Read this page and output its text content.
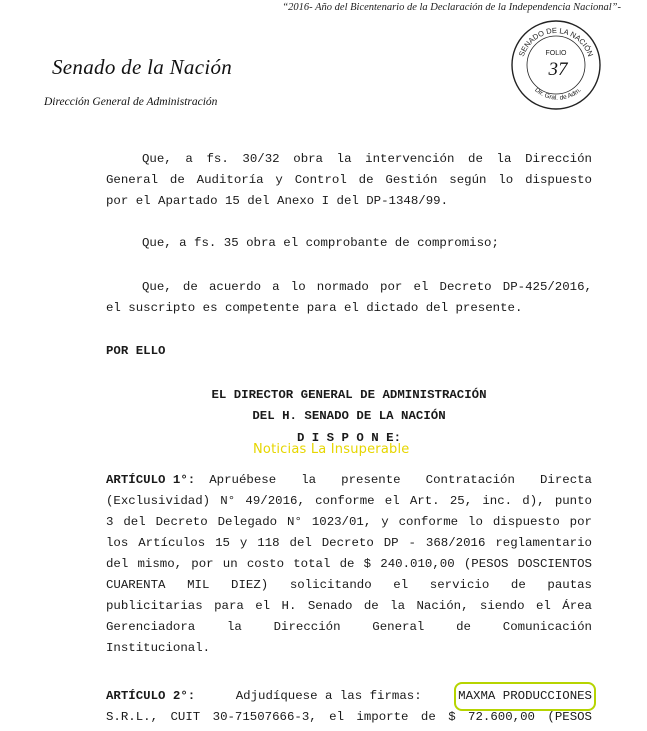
“2016- Año del Bicentenario de la Declaración de la Independencia Nacional”-
Senado de la Nación
Dirección General de Administración
SENADO DE LA NACIÓN
FOLIO
37
Dir. Gral. de Adm.
Que, a fs. 30/32 obra la intervención de la Dirección
General de Auditoría y Control de Gestión según lo dispuesto
por el Apartado 15 del Anexo I del DP-1348/99.
Que, a fs. 35 obra el comprobante de compromiso;
Que, de acuerdo a lo normado por el Decreto DP-425/2016,
el suscripto es competente para el dictado del presente.
POR ELLO
EL DIRECTOR GENERAL DE ADMINISTRACIÓN
DEL H. SENADO DE LA NACIÓN
D I S P O N E:
Noticias La Insuperable
ARTÍCULO 1°: Apruébese la presente Contratación Directa
(Exclusividad) N° 49/2016, conforme el Art. 25, inc. d), punto
3 del Decreto Delegado N° 1023/01, y conforme lo dispuesto por
los Artículos 15 y 118 del Decreto DP - 368/2016 reglamentario
del mismo, por un costo total de $ 240.010,00 (PESOS DOSCIENTOS
CUARENTA MIL DIEZ) solicitando el servicio de pautas
publicitarias para el H. Senado de la Nación, siendo el Área
Gerenciadora la Dirección General de Comunicación
Institucional.
ARTÍCULO 2°:	Adjudíquese a las firmas:	MAXMA PRODUCCIONES
S.R.L., CUIT 30-71507666-3, el importe de $ 72.600,00 (PESOS
